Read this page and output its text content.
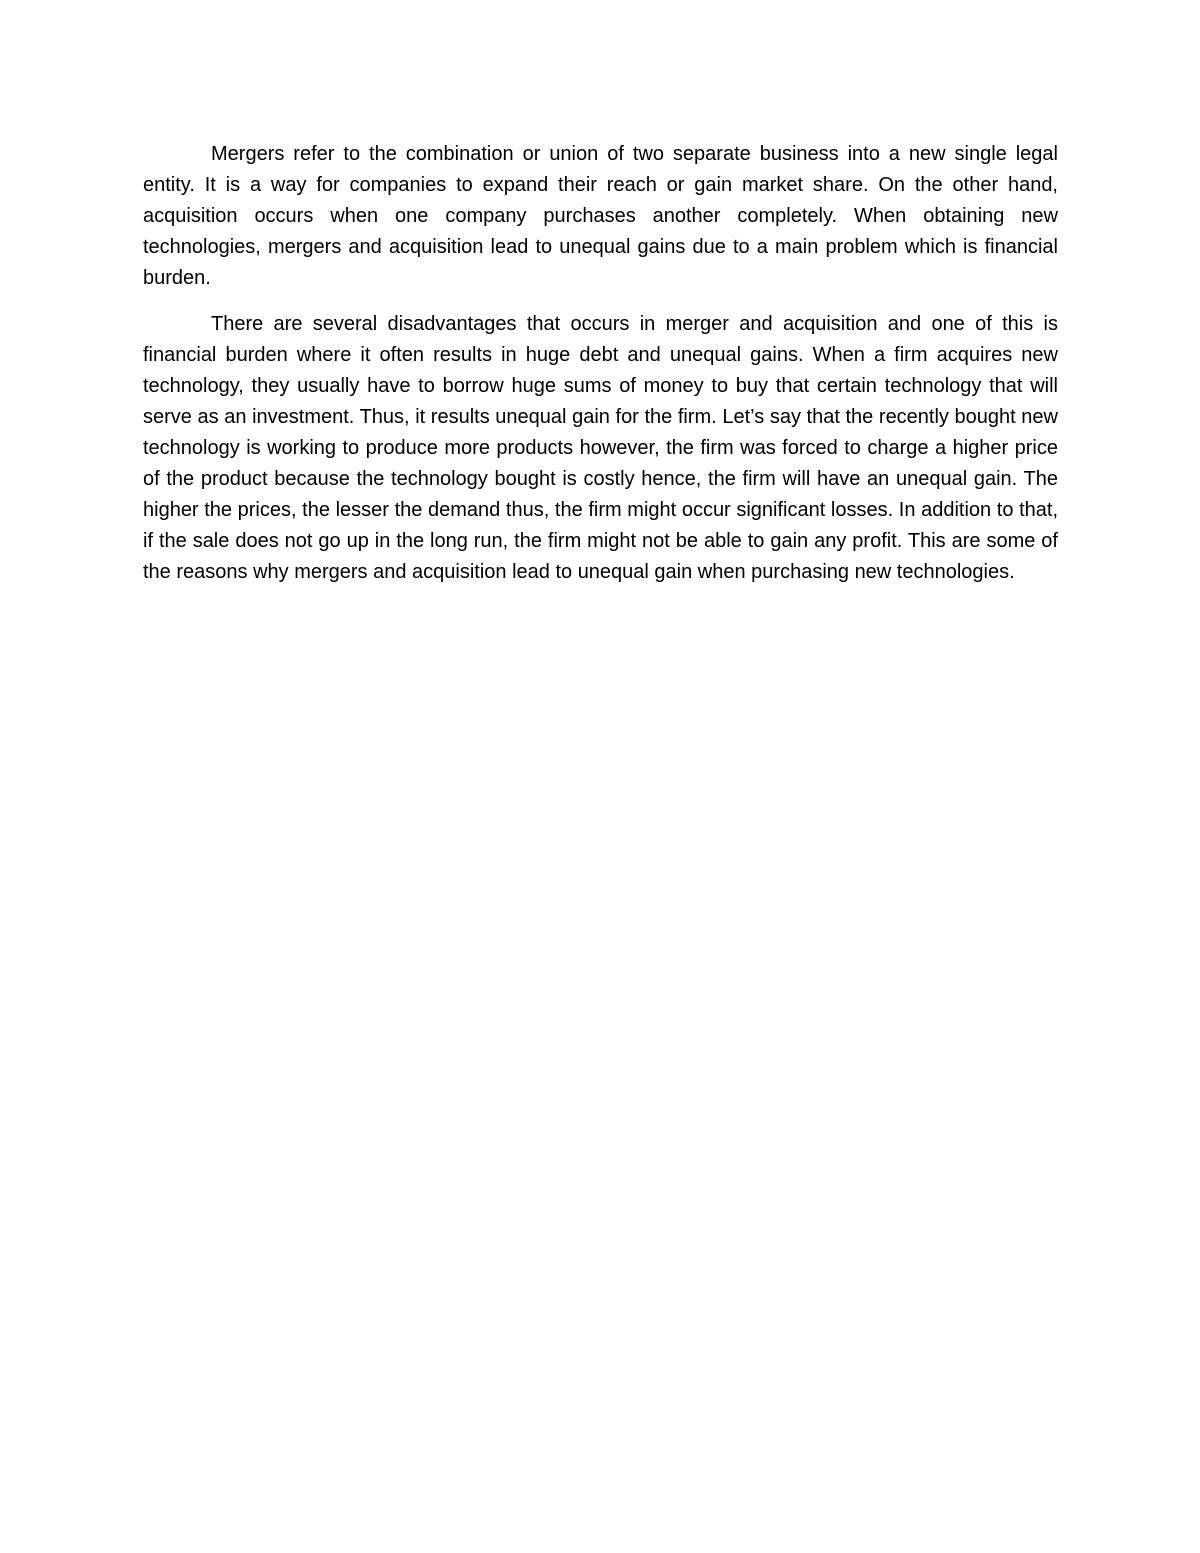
Mergers refer to the combination or union of two separate business into a new single legal entity. It is a way for companies to expand their reach or gain market share. On the other hand, acquisition occurs when one company purchases another completely. When obtaining new technologies, mergers and acquisition lead to unequal gains due to a main problem which is financial burden.

There are several disadvantages that occurs in merger and acquisition and one of this is financial burden where it often results in huge debt and unequal gains. When a firm acquires new technology, they usually have to borrow huge sums of money to buy that certain technology that will serve as an investment. Thus, it results unequal gain for the firm. Let’s say that the recently bought new technology is working to produce more products however, the firm was forced to charge a higher price of the product because the technology bought is costly hence, the firm will have an unequal gain. The higher the prices, the lesser the demand thus, the firm might occur significant losses. In addition to that, if the sale does not go up in the long run, the firm might not be able to gain any profit. This are some of the reasons why mergers and acquisition lead to unequal gain when purchasing new technologies.
